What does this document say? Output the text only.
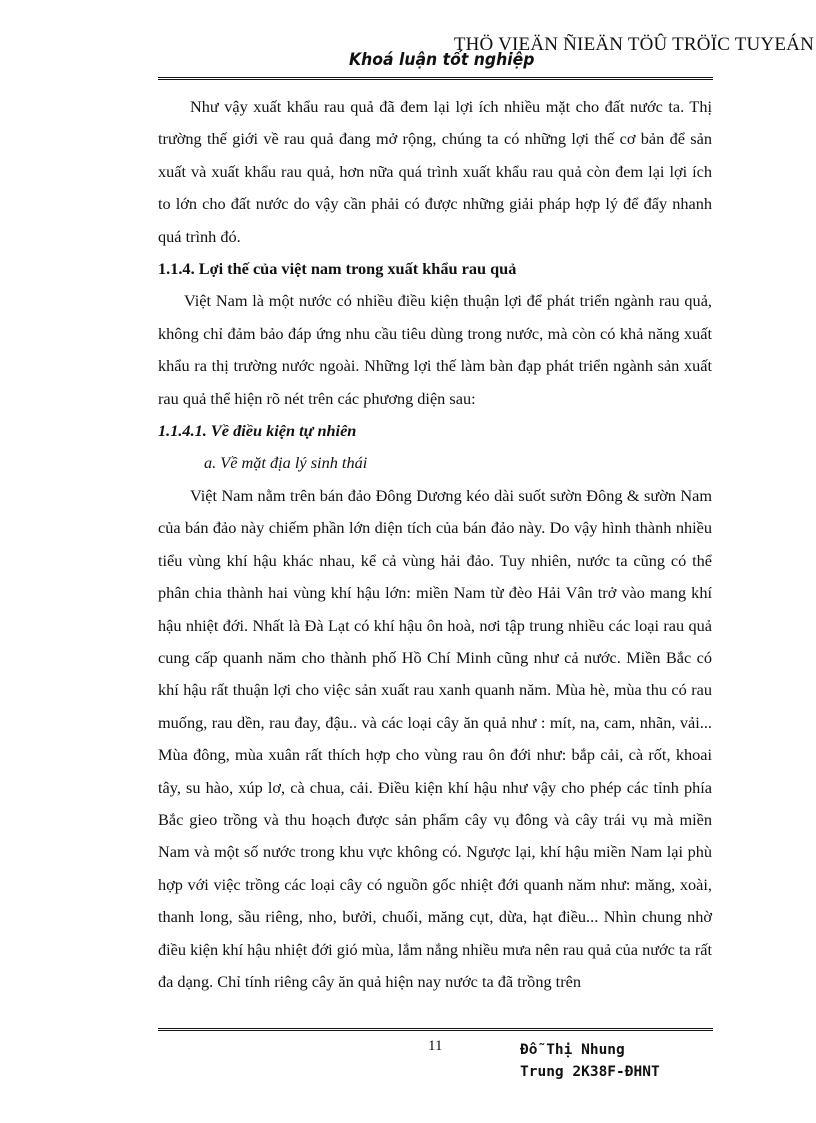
THÖ VIEÄN ÑIEÄN TÖÛ TRÖÏC TUYEÁN
Khoá luận tốt nghiệp

Như vậy xuất khẩu rau quả đã đem lại lợi ích nhiều mặt cho đất nước ta. Thị trường thế giới về rau quả đang mở rộng, chúng ta có những lợi thế cơ bản để sản xuất và xuất khẩu rau quả, hơn nữa quá trình xuất khẩu rau quả còn đem lại lợi ích to lớn cho đất nước do vậy cần phải có được những giải pháp hợp lý để đẩy nhanh quá trình đó.

1.1.4. Lợi thế của việt nam trong xuất khẩu rau quả

Việt Nam là một nước có nhiều điều kiện thuận lợi để phát triển ngành rau quả, không chỉ đảm bảo đáp ứng nhu cầu tiêu dùng trong nước, mà còn có khả năng xuất khẩu ra thị trường nước ngoài. Những lợi thế làm bàn đạp phát triển ngành sản xuất rau quả thể hiện rõ nét trên các phương diện sau:

1.1.4.1. Về điều kiện tự nhiên

a. Về mặt địa lý sinh thái

Việt Nam nằm trên bán đảo Đông Dương kéo dài suốt sườn Đông & sườn Nam của bán đảo này chiếm phần lớn diện tích của bán đảo này. Do vậy hình thành nhiều tiểu vùng khí hậu khác nhau, kể cả vùng hải đảo. Tuy nhiên, nước ta cũng có thể phân chia thành hai vùng khí hậu lớn: miền Nam từ đèo Hải Vân trở vào mang khí hậu nhiệt đới. Nhất là Đà Lạt có khí hậu ôn hoà, nơi tập trung nhiều các loại rau quả cung cấp quanh năm cho thành phố Hồ Chí Minh cũng như cả nước. Miền Bắc có khí hậu rất thuận lợi cho việc sản xuất rau xanh quanh năm. Mùa hè, mùa thu có rau muống, rau dền, rau đay, đậu.. và các loại cây ăn quả như : mít, na, cam, nhãn, vải... Mùa đông, mùa xuân rất thích hợp cho vùng rau ôn đới như: bắp cải, cà rốt, khoai tây, su hào, xúp lơ, cà chua, cải. Điều kiện khí hậu như vậy cho phép các tỉnh phía Bắc gieo trồng và thu hoạch được sản phẩm cây vụ đông và cây trái vụ mà miền Nam và một số nước trong khu vực không có. Ngược lại, khí hậu miền Nam lại phù hợp với việc trồng các loại cây có nguồn gốc nhiệt đới quanh năm như: măng, xoài, thanh long, sầu riêng, nho, bưởi, chuối, măng cụt, dừa, hạt điều... Nhìn chung nhờ điều kiện khí hậu nhiệt đới gió mùa, lắm nắng nhiều mưa nên rau quả của nước ta rất đa dạng. Chỉ tính riêng cây ăn quả hiện nay nước ta đã trồng trên

11	Đỗ Thị Nhung
Trung 2K38F-ĐHNT
